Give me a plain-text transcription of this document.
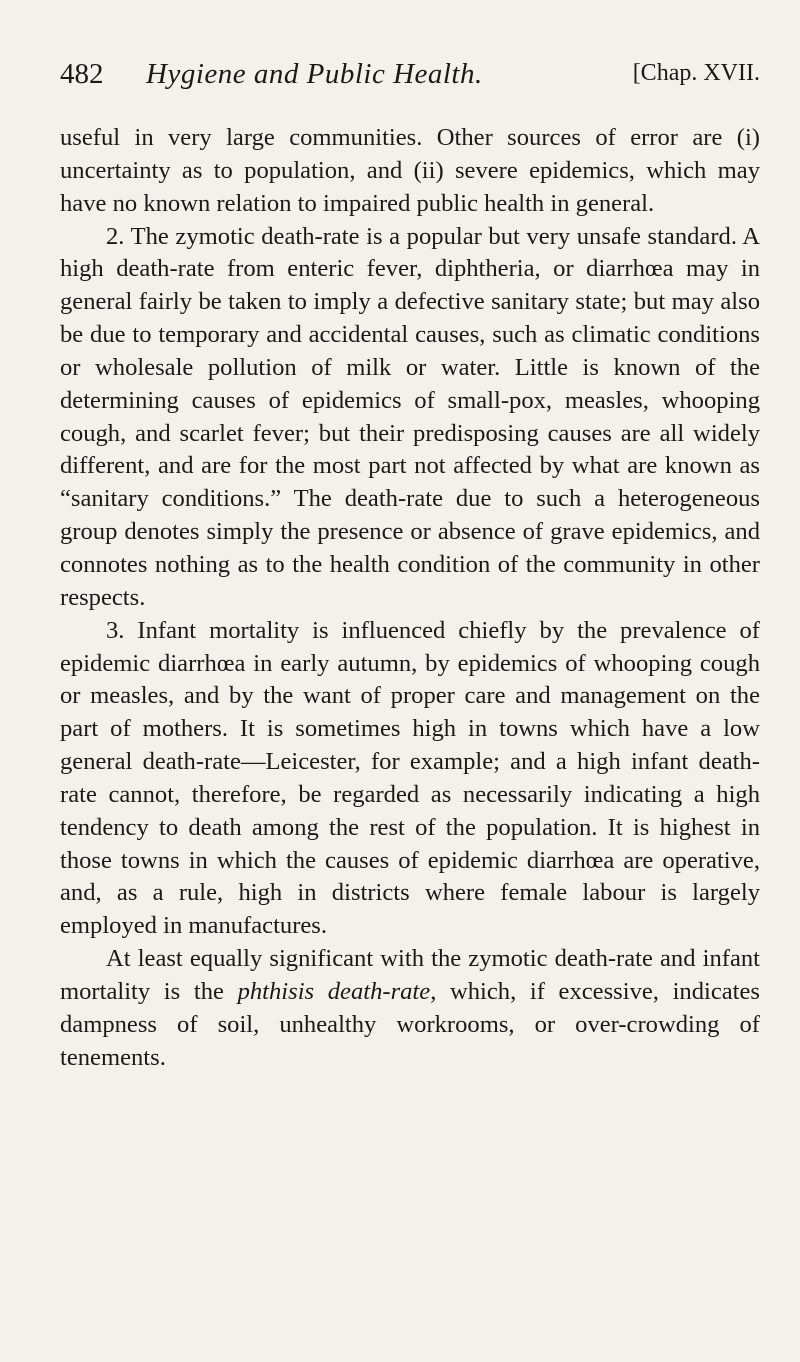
482 Hygiene and Public Health.	[Chap. XVII.

useful in very large communities. Other sources of error are (i) uncertainty as to population, and (ii) severe epidemics, which may have no known relation to impaired public health in general.

2. The zymotic death-rate is a popular but very unsafe standard. A high death-rate from enteric fever, diphtheria, or diarrhœa may in general fairly be taken to imply a defective sanitary state; but may also be due to temporary and accidental causes, such as climatic conditions or wholesale pollution of milk or water. Little is known of the determining causes of epidemics of small-pox, measles, whooping cough, and scarlet fever; but their predisposing causes are all widely different, and are for the most part not affected by what are known as “sanitary conditions.” The death-rate due to such a heterogeneous group denotes simply the presence or absence of grave epidemics, and connotes nothing as to the health condition of the community in other respects.

3. Infant mortality is influenced chiefly by the prevalence of epidemic diarrhœa in early autumn, by epidemics of whooping cough or measles, and by the want of proper care and management on the part of mothers. It is sometimes high in towns which have a low general death-rate—Leicester, for example; and a high infant death-rate cannot, therefore, be regarded as necessarily indicating a high tendency to death among the rest of the population. It is highest in those towns in which the causes of epidemic diarrhœa are operative, and, as a rule, high in districts where female labour is largely employed in manufactures.

At least equally significant with the zymotic death-rate and infant mortality is the phthisis death-rate, which, if excessive, indicates dampness of soil, unhealthy workrooms, or over-crowding of tenements.
